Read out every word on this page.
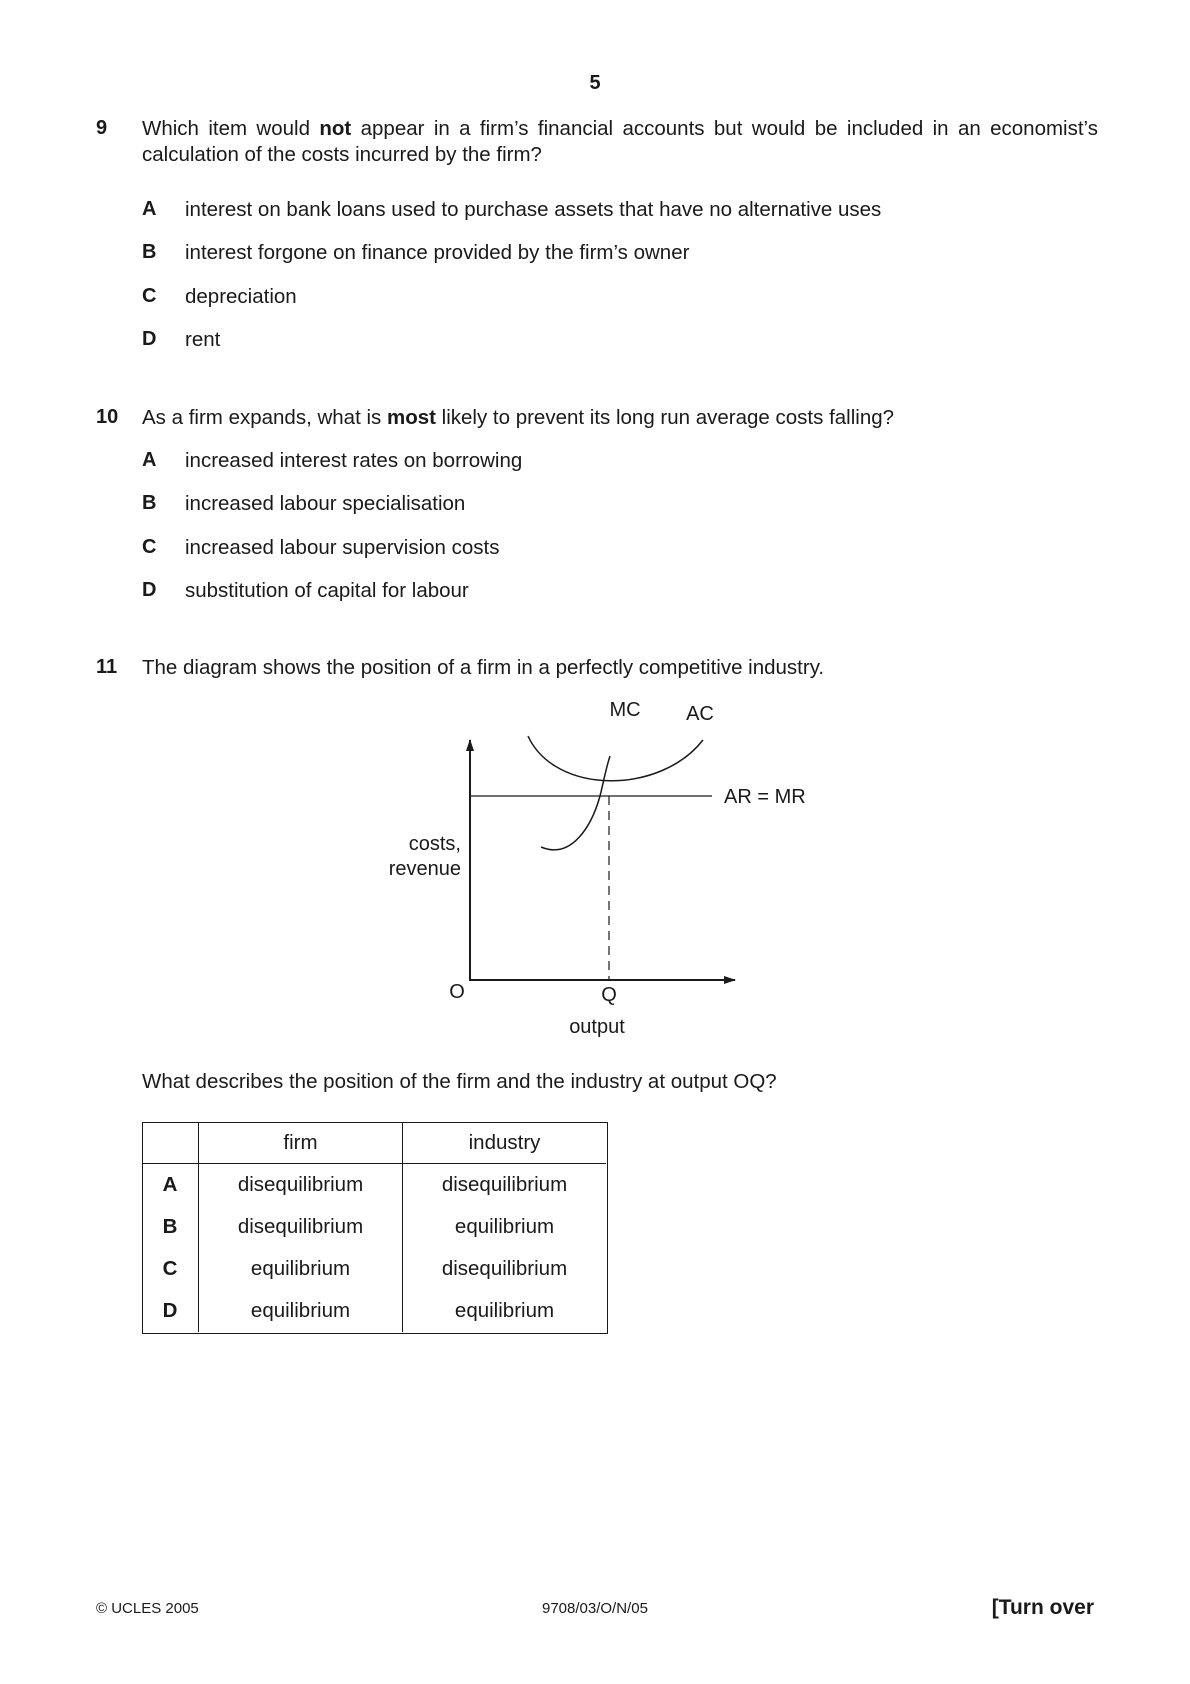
5
9 Which item would not appear in a firm’s financial accounts but would be included in an economist’s calculation of the costs incurred by the firm?
A interest on bank loans used to purchase assets that have no alternative uses
B interest forgone on finance provided by the firm’s owner
C depreciation
D rent
10 As a firm expands, what is most likely to prevent its long run average costs falling?
A increased interest rates on borrowing
B increased labour specialisation
C increased labour supervision costs
D substitution of capital for labour
11 The diagram shows the position of a firm in a perfectly competitive industry.
MC AC
AR = MR
costs,
revenue
O	Q
output
What describes the position of the firm and the industry at output OQ?
	firm	industry
A	disequilibrium	disequilibrium
B	disequilibrium	equilibrium
C	equilibrium	disequilibrium
D	equilibrium	equilibrium
© UCLES 2005	9708/03/O/N/05	[Turn over
